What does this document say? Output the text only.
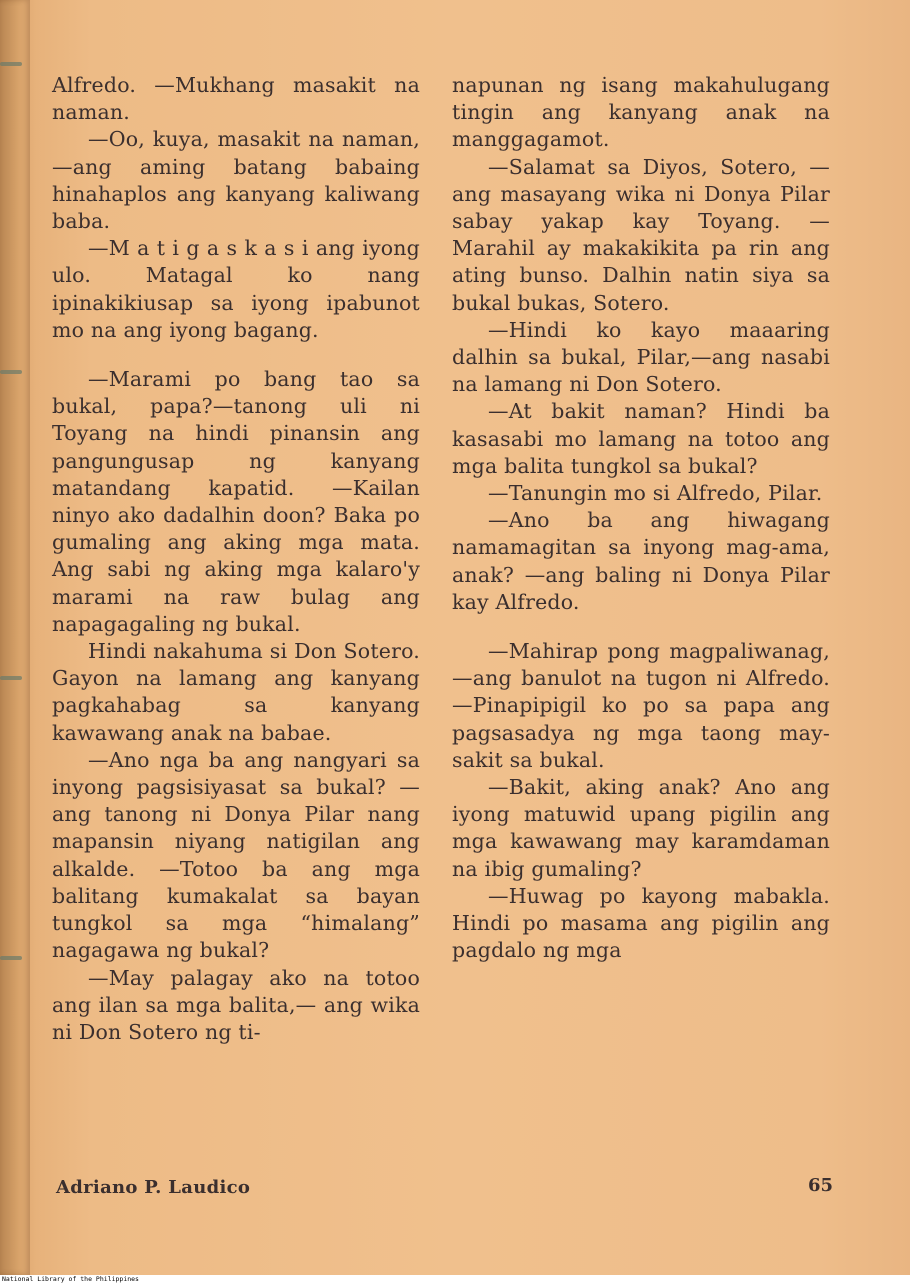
Alfredo. —Mukhang masakit na naman.

—Oo, kuya, masakit na naman,—ang aming batang babaing hinahaplos ang kanyang kaliwang baba.

—M a t i g a s k a s i ang iyong ulo. Matagal ko nang ipinakikiusap sa iyong ipabunot mo na ang iyong bagang.

—Marami po bang tao sa bukal, papa?—tanong uli ni Toyang na hindi pinansin ang pangungusap ng kanyang matandang kapatid. —Kailan ninyo ako dadalhin doon? Baka po gumaling ang aking mga mata. Ang sabi ng aking mga kalaro'y marami na raw bulag ang napagagaling ng bukal.

Hindi nakahuma si Don Sotero. Gayon na lamang ang kanyang pagkahabag sa kanyang kawawang anak na babae.

—Ano nga ba ang nangyari sa inyong pagsisiyasat sa bukal? — ang tanong ni Donya Pilar nang mapansin niyang natigilan ang alkalde. —Totoo ba ang mga balitang kumakalat sa bayan tungkol sa mga “himalang” nagagawa ng bukal?

—May palagay ako na totoo ang ilan sa mga balita,— ang wika ni Don Sotero ng ti-

napunan ng isang makahulugang tingin ang kanyang anak na manggagamot.

—Salamat sa Diyos, Sotero, — ang masayang wika ni Donya Pilar sabay yakap kay Toyang. — Marahil ay makakikita pa rin ang ating bunso. Dalhin natin siya sa bukal bukas, Sotero.

—Hindi ko kayo maaaring dalhin sa bukal, Pilar,—ang nasabi na lamang ni Don Sotero.

—At bakit naman? Hindi ba kasasabi mo lamang na totoo ang mga balita tungkol sa bukal?

—Tanungin mo si Alfredo, Pilar.

—Ano ba ang hiwagang namamagitan sa inyong mag-ama, anak? —ang baling ni Donya Pilar kay Alfredo.

—Mahirap pong magpaliwanag,—ang banulot na tugon ni Alfredo. —Pinapipigil ko po sa papa ang pagsasadya ng mga taong may-sakit sa bukal.

—Bakit, aking anak? Ano ang iyong matuwid upang pigilin ang mga kawawang may karamdaman na ibig gumaling?

—Huwag po kayong mabakla. Hindi po masama ang pigilin ang pagdalo ng mga

Adriano P. Laudico	65
National Library of the Philippines
